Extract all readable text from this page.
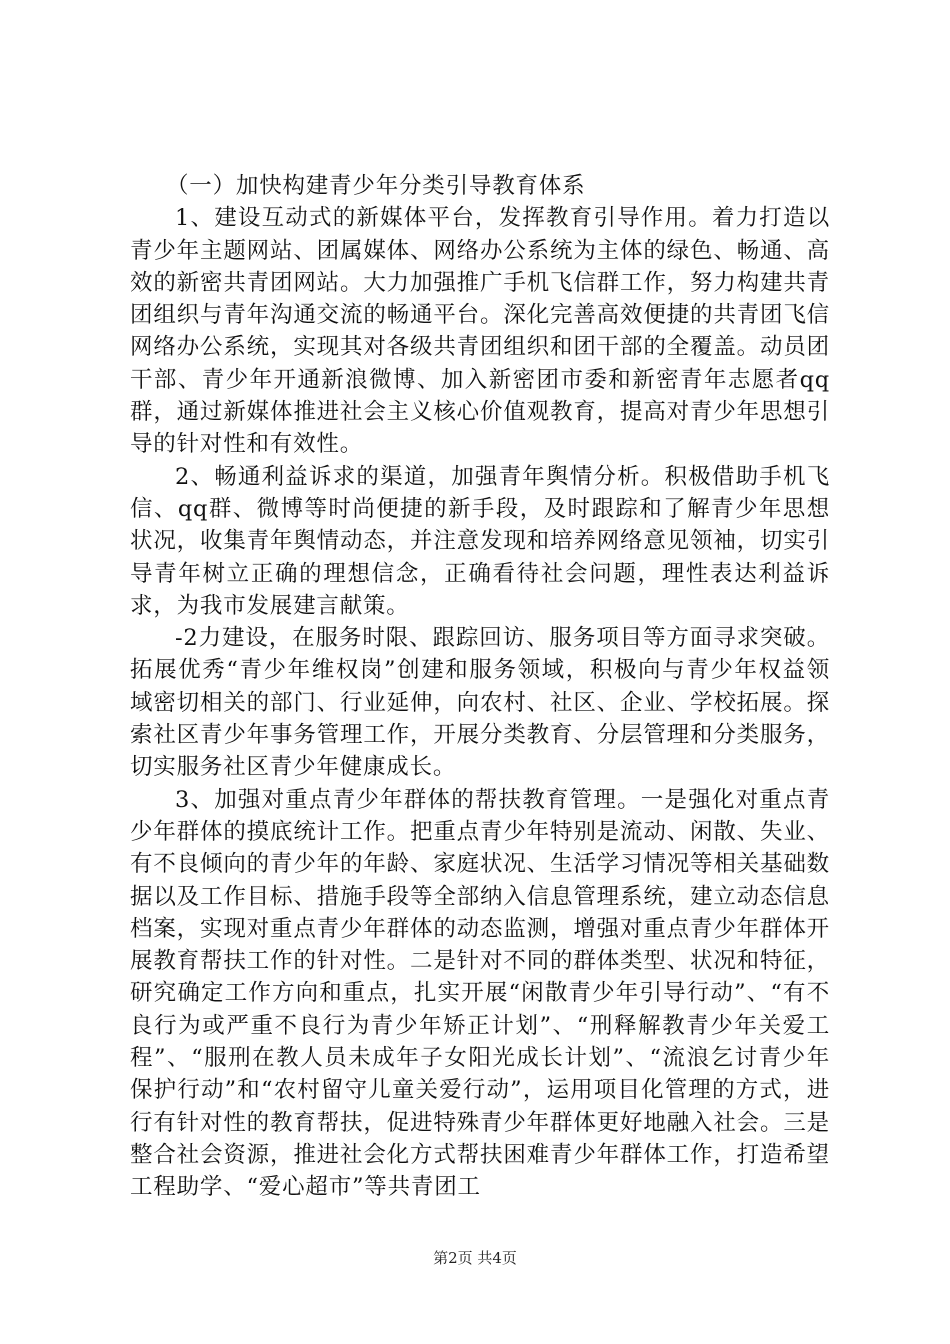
（一）加快构建青少年分类引导教育体系

1、建设互动式的新媒体平台，发挥教育引导作用。着力打造以青少年主题网站、团属媒体、网络办公系统为主体的绿色、畅通、高效的新密共青团网站。大力加强推广手机飞信群工作，努力构建共青团组织与青年沟通交流的畅通平台。深化完善高效便捷的共青团飞信网络办公系统，实现其对各级共青团组织和团干部的全覆盖。动员团干部、青少年开通新浪微博、加入新密团市委和新密青年志愿者qq群，通过新媒体推进社会主义核心价值观教育，提高对青少年思想引导的针对性和有效性。

2、畅通利益诉求的渠道，加强青年舆情分析。积极借助手机飞信、qq群、微博等时尚便捷的新手段，及时跟踪和了解青少年思想状况，收集青年舆情动态，并注意发现和培养网络意见领袖，切实引导青年树立正确的理想信念，正确看待社会问题，理性表达利益诉求，为我市发展建言献策。

-2力建设，在服务时限、跟踪回访、服务项目等方面寻求突破。拓展优秀“青少年维权岗”创建和服务领域，积极向与青少年权益领域密切相关的部门、行业延伸，向农村、社区、企业、学校拓展。探索社区青少年事务管理工作，开展分类教育、分层管理和分类服务，切实服务社区青少年健康成长。

3、加强对重点青少年群体的帮扶教育管理。一是强化对重点青少年群体的摸底统计工作。把重点青少年特别是流动、闲散、失业、有不良倾向的青少年的年龄、家庭状况、生活学习情况等相关基础数据以及工作目标、措施手段等全部纳入信息管理系统，建立动态信息档案，实现对重点青少年群体的动态监测，增强对重点青少年群体开展教育帮扶工作的针对性。二是针对不同的群体类型、状况和特征，研究确定工作方向和重点，扎实开展“闲散青少年引导行动”、“有不良行为或严重不良行为青少年矫正计划”、“刑释解教青少年关爱工程”、“服刑在教人员未成年子女阳光成长计划”、“流浪乞讨青少年保护行动”和“农村留守儿童关爱行动”，运用项目化管理的方式，进行有针对性的教育帮扶，促进特殊青少年群体更好地融入社会。三是整合社会资源，推进社会化方式帮扶困难青少年群体工作，打造希望工程助学、“爱心超市”等共青团工

第2页 共4页
